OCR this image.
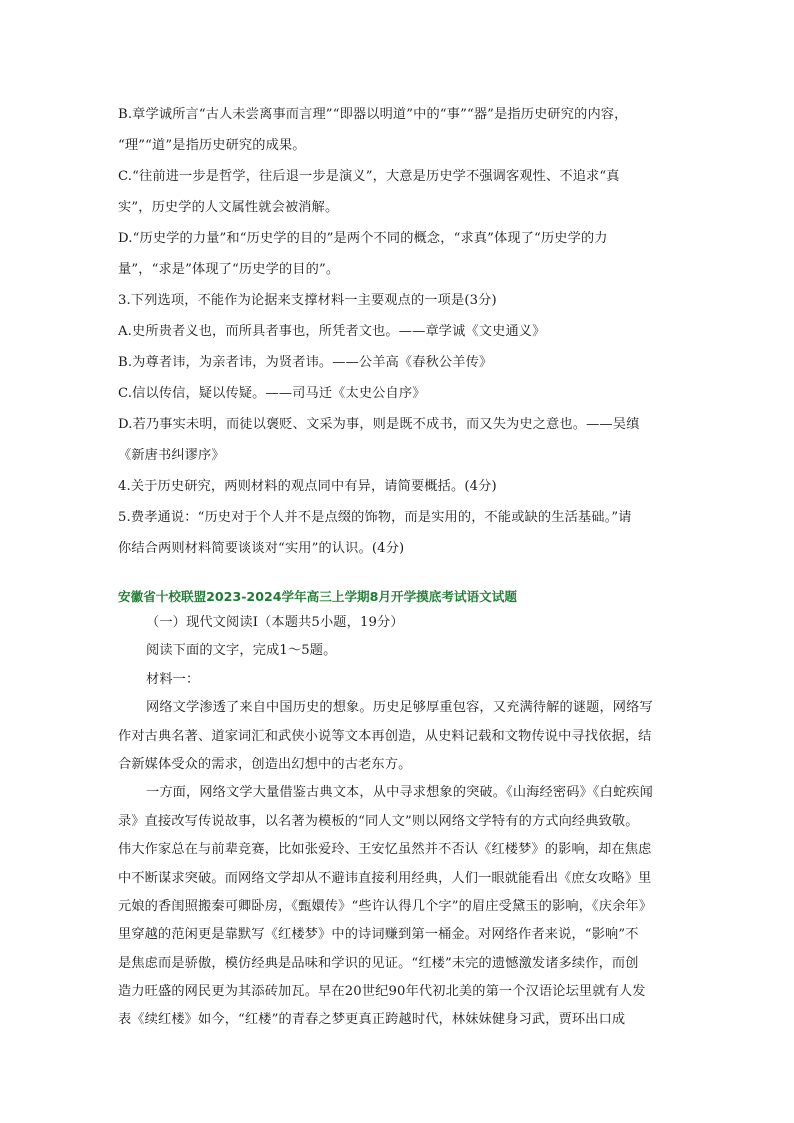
B.章学诚所言“古人未尝离事而言理”“即器以明道”中的“事”“器”是指历史研究的内容，
“理”“道”是指历史研究的成果。
C.“往前进一步是哲学，往后退一步是演义”，大意是历史学不强调客观性、不追求“真
实”，历史学的人文属性就会被消解。
D.“历史学的力量”和“历史学的目的”是两个不同的概念，“求真”体现了“历史学的力
量”，“求是”体现了“历史学的目的”。
3.下列选项，不能作为论据来支撑材料一主要观点的一项是(3分)
A.史所贵者义也，而所具者事也，所凭者文也。——章学诚《文史通义》
B.为尊者讳，为亲者讳，为贤者讳。——公羊高《春秋公羊传》
C.信以传信，疑以传疑。——司马迁《太史公自序》
D.若乃事实未明，而徒以褒贬、文采为事，则是既不成书，而又失为史之意也。——吴缜
《新唐书纠谬序》
4.关于历史研究，两则材料的观点同中有异，请简要概括。(4分)
5.费孝通说：“历史对于个人并不是点缀的饰物，而是实用的，不能或缺的生活基础。”请
你结合两则材料简要谈谈对“实用”的认识。(4分)
安徽省十校联盟2023-2024学年高三上学期8月开学摸底考试语文试题
（一）现代文阅读Ⅰ（本题共5小题，19分）
阅读下面的文字，完成1～5题。
材料一：
网络文学渗透了来自中国历史的想象。历史足够厚重包容，又充满待解的谜题，网络写
作对古典名著、道家词汇和武侠小说等文本再创造，从史料记载和文物传说中寻找依据，结
合新媒体受众的需求，创造出幻想中的古老东方。
一方面，网络文学大量借鉴古典文本，从中寻求想象的突破。《山海经密码》《白蛇疾闻
录》直接改写传说故事，以名著为模板的“同人文”则以网络文学特有的方式向经典致敬。
伟大作家总在与前辈竞赛，比如张爱玲、王安忆虽然并不否认《红楼梦》的影响，却在焦虑
中不断谋求突破。而网络文学却从不避讳直接利用经典，人们一眼就能看出《庶女攻略》里
元娘的香闺照搬秦可卿卧房，《甄嬛传》“些许认得几个字”的眉庄受黛玉的影响，《庆余年》
里穿越的范闲更是靠默写《红楼梦》中的诗词赚到第一桶金。对网络作者来说，“影响”不
是焦虑而是骄傲，模仿经典是品味和学识的见证。“红楼”未完的遗憾激发诸多续作，而创
造力旺盛的网民更为其添砖加瓦。早在20世纪90年代初北美的第一个汉语论坛里就有人发
表《续红楼》如今，“红楼”的青春之梦更真正跨越时代，林妹妹健身习武，贾环出口成
